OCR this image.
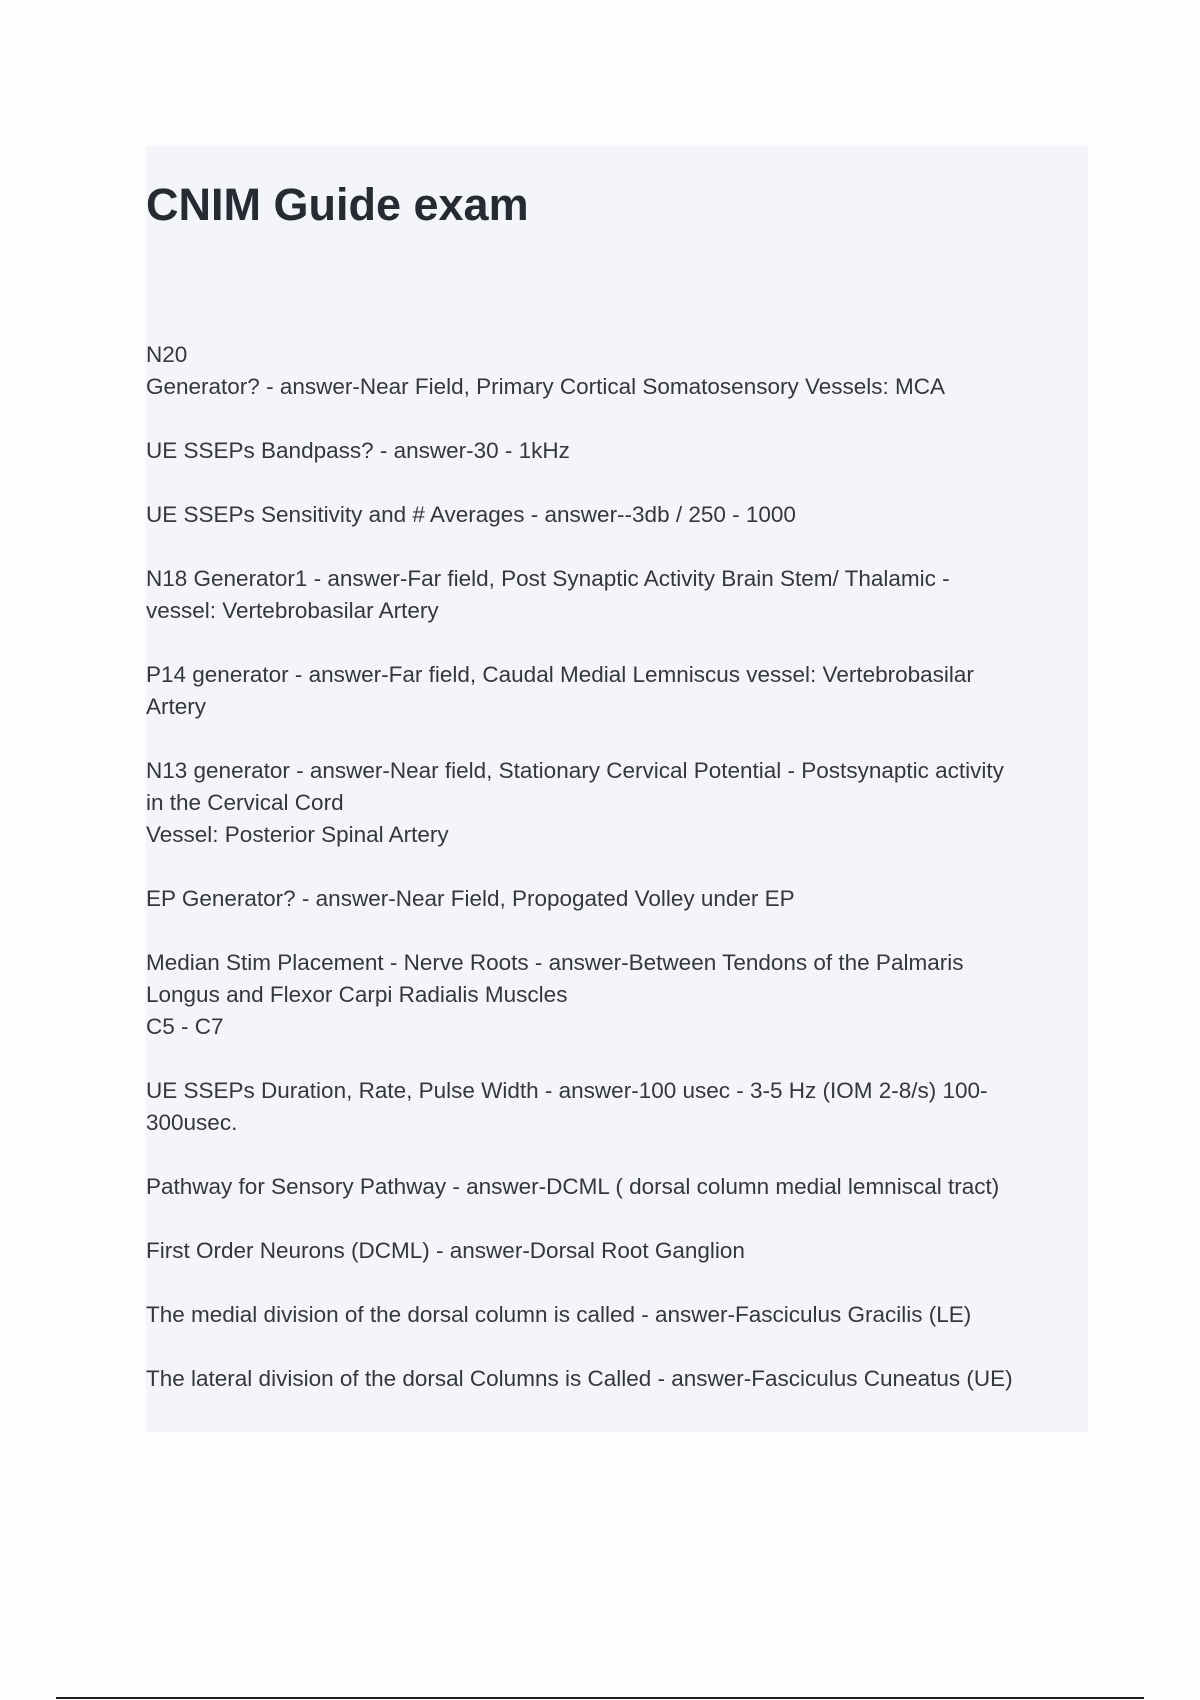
CNIM Guide exam
N20
Generator? - answer-Near Field, Primary Cortical Somatosensory Vessels: MCA
UE SSEPs Bandpass? - answer-30 - 1kHz
UE SSEPs Sensitivity and # Averages - answer--3db / 250 - 1000
N18 Generator1 - answer-Far field, Post Synaptic Activity Brain Stem/ Thalamic -
vessel: Vertebrobasilar Artery
P14 generator - answer-Far field, Caudal Medial Lemniscus vessel: Vertebrobasilar
Artery
N13 generator - answer-Near field, Stationary Cervical Potential - Postsynaptic activity
in the Cervical Cord
Vessel: Posterior Spinal Artery
EP Generator? - answer-Near Field, Propogated Volley under EP
Median Stim Placement - Nerve Roots - answer-Between Tendons of the Palmaris
Longus and Flexor Carpi Radialis Muscles
C5 - C7
UE SSEPs Duration, Rate, Pulse Width - answer-100 usec - 3-5 Hz (IOM 2-8/s) 100-
300usec.
Pathway for Sensory Pathway - answer-DCML ( dorsal column medial lemniscal tract)
First Order Neurons (DCML) - answer-Dorsal Root Ganglion
The medial division of the dorsal column is called - answer-Fasciculus Gracilis (LE)
The lateral division of the dorsal Columns is Called - answer-Fasciculus Cuneatus (UE)
